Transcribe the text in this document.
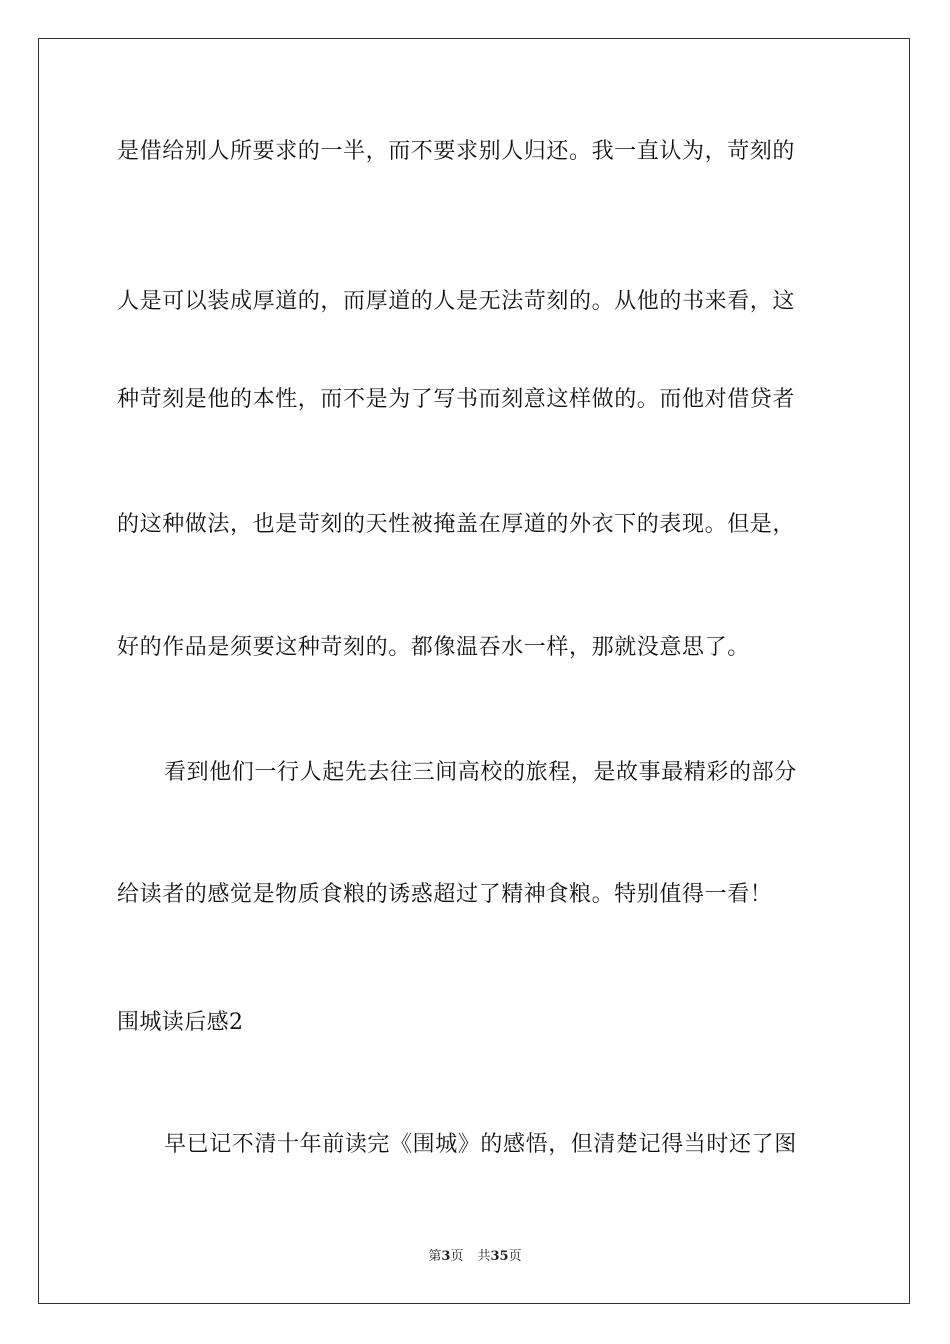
是借给别人所要求的一半，而不要求别人归还。我一直认为，苛刻的
人是可以装成厚道的，而厚道的人是无法苛刻的。从他的书来看，这
种苛刻是他的本性，而不是为了写书而刻意这样做的。而他对借贷者
的这种做法，也是苛刻的天性被掩盖在厚道的外衣下的表现。但是，
好的作品是须要这种苛刻的。都像温吞水一样，那就没意思了。
看到他们一行人起先去往三间高校的旅程，是故事最精彩的部分
给读者的感觉是物质食粮的诱惑超过了精神食粮。特别值得一看！
围城读后感2
早已记不清十年前读完《围城》的感悟，但清楚记得当时还了图
第3页 共35页
